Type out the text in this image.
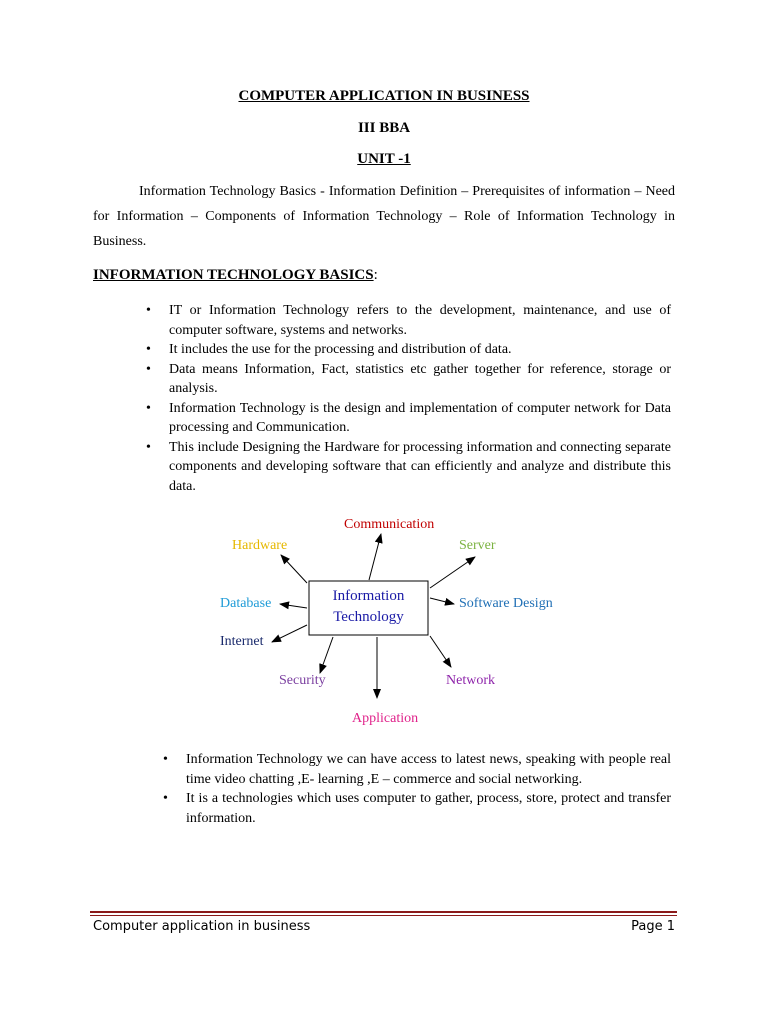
COMPUTER APPLICATION IN BUSINESS
III BBA
UNIT -1

Information Technology Basics - Information Definition – Prerequisites of information – Need for Information – Components of Information Technology – Role of Information Technology in Business.

INFORMATION TECHNOLOGY BASICS:
• IT or Information Technology refers to the development, maintenance, and use of computer software, systems and networks.
• It includes the use for the processing and distribution of data.
• Data means Information, Fact, statistics etc gather together for reference, storage or analysis.
• Information Technology is the design and implementation of computer network for Data processing and Communication.
• This include Designing the Hardware for processing information and connecting separate components and developing software that can efficiently and analyze and distribute this data.
Information
Technology
Communication
Hardware	Server
Database	Software Design
Internet
Security	Network
Application
• Information Technology we can have access to latest news, speaking with people real time video chatting ,E- learning ,E – commerce and social networking.
• It is a technologies which uses computer to gather, process, store, protect and transfer information.
Computer application in business	Page 1
